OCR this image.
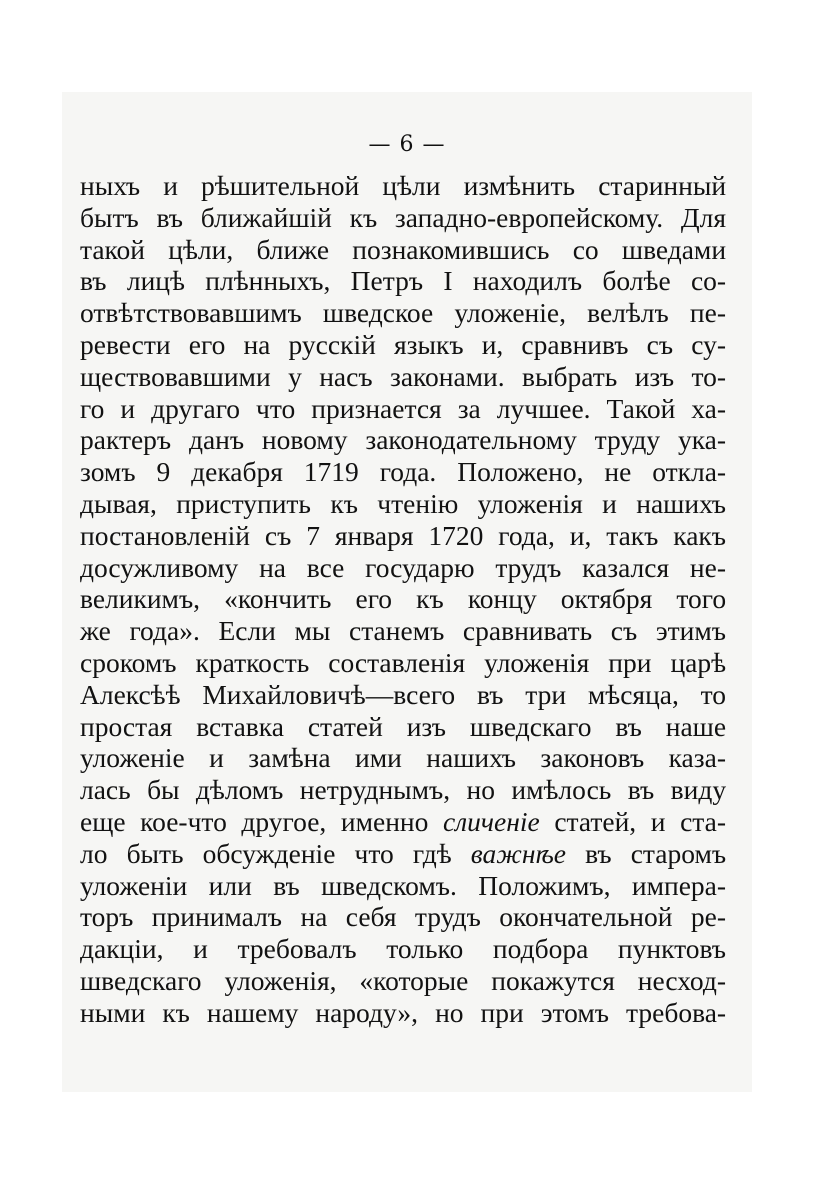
— 6 —
ныхъ и рѣшительной цѣли измѣнить старинный
бытъ въ ближайшій къ западно-европейскому. Для
такой цѣли, ближе познакомившись со шведами
въ лицѣ плѣнныхъ, Петръ I находилъ болѣе со-
отвѣтствовавшимъ шведское уложеніе, велѣлъ пе-
ревести его на русскій языкъ и, сравнивъ съ су-
ществовавшими у насъ законами. выбрать изъ то-
го и другаго что признается за лучшее. Такой ха-
рактеръ данъ новому законодательному труду ука-
зомъ 9 декабря 1719 года. Положено, не откла-
дывая, приступить къ чтенію уложенія и нашихъ
постановленій съ 7 января 1720 года, и, такъ какъ
досужливому на все государю трудъ казался не-
великимъ, «кончить его къ концу октября того
же года». Если мы станемъ сравнивать съ этимъ
срокомъ краткость составленія уложенія при царѣ
Алексѣѣ Михайловичѣ—всего въ три мѣсяца, то
простая вставка статей изъ шведскаго въ наше
уложеніе и замѣна ими нашихъ законовъ каза-
лась бы дѣломъ нетруднымъ, но имѣлось въ виду
еще кое-что другое, именно сличеніе статей, и ста-
ло быть обсужденіе что гдѣ важнѣе въ старомъ
уложеніи или въ шведскомъ. Положимъ, импера-
торъ принималъ на себя трудъ окончательной ре-
дакціи, и требовалъ только подбора пунктовъ
шведскаго уложенія, «которые покажутся несход-
ными къ нашему народу», но при этомъ требова-
